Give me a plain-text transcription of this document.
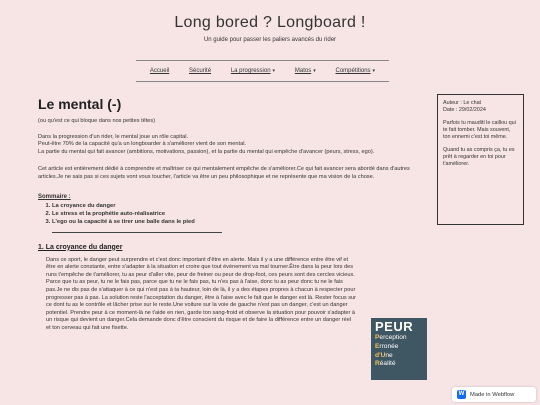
Long bored ? Longboard !
Un guide pour passer les paliers avancés du rider
Accueil	Sécurité	La progression ▾	Matos ▾	Compétitions ▾
Le mental (-)
(ou qu'est ce qui bloque dans nos petites têtes)
Dans la progression d'un rider, le mental joue un rôle capital.
Peut-être 70% de la capacité qu'a un longboarder à s'améliorer vient de son mental.
La partie du mental qui fait avancer (ambitions, motivations, passion), et la partie du mental qui empêche d'avancer (peurs, stress, ego).
Cet article est entièrement dédié à comprendre et maîtriser ce qui mentalement empêche de s'améliorer.Ce qui fait avancer sera abordé dans d'autres articles.Je ne sais pas si ces sujets vont vous toucher, l'article va être un peu philosophique et ne représente que ma vision de la chose.
Sommaire :
1. La croyance du danger
2. Le stress et la prophétie auto-réalisatrice
3. L'ego ou la capacité à se tirer une balle dans le pied
1. La croyance du danger
Dans ce sport, le danger peut surprendre et c'est donc important d'être en alerte. Mais il y a une différence entre être vif et être en alerte constante, entre s'adapter à la situation et croire que tout évènement va mal tourner.Être dans la peur lors des runs t'empêche de t'améliorer, tu as peur d'aller vite, peur de freiner ou peur de drop-foot, ces peurs sont des cercles vicieux. Parce que tu as peur, tu ne le fais pas, parce que tu ne le fais pas, tu n'es pas à l'aise, donc tu as peur donc tu ne le fais pas.Je ne dis pas de s'attaquer à ce qui n'est pas à ta hauteur, loin de là, il y a des étapes propres à chacun à respecter pour progresser pas à pas. La solution reste l'acceptation du danger, être à l'aise avec le fait que le danger est là. Rester focus sur ce dont tu as le contrôle et lâcher prise sur le reste.Une voiture sur la voie de gauche n'est pas un danger, c'est un danger potentiel. Prendre peur à ce moment-là ne t'aide en rien, garde ton sang-froid et observe la situation pour pouvoir s'adapter à un risque qui devient un danger.Cela demande donc d'être conscient du risque et de faire la différence entre un danger réel et ton cerveau qui fait une fixette.
Auteur : Le chat
Date : 29/02/2024
Parfois tu mauditl le caillou qui te fait tomber. Mais souvent, ton ennemi c'est toi même.
Quand tu as compris ça, tu es prêt à regarder en toi pour t'améliorer.
PEUR
Perception
Erronée
d'Une
Réalité
W Made in Webflow
